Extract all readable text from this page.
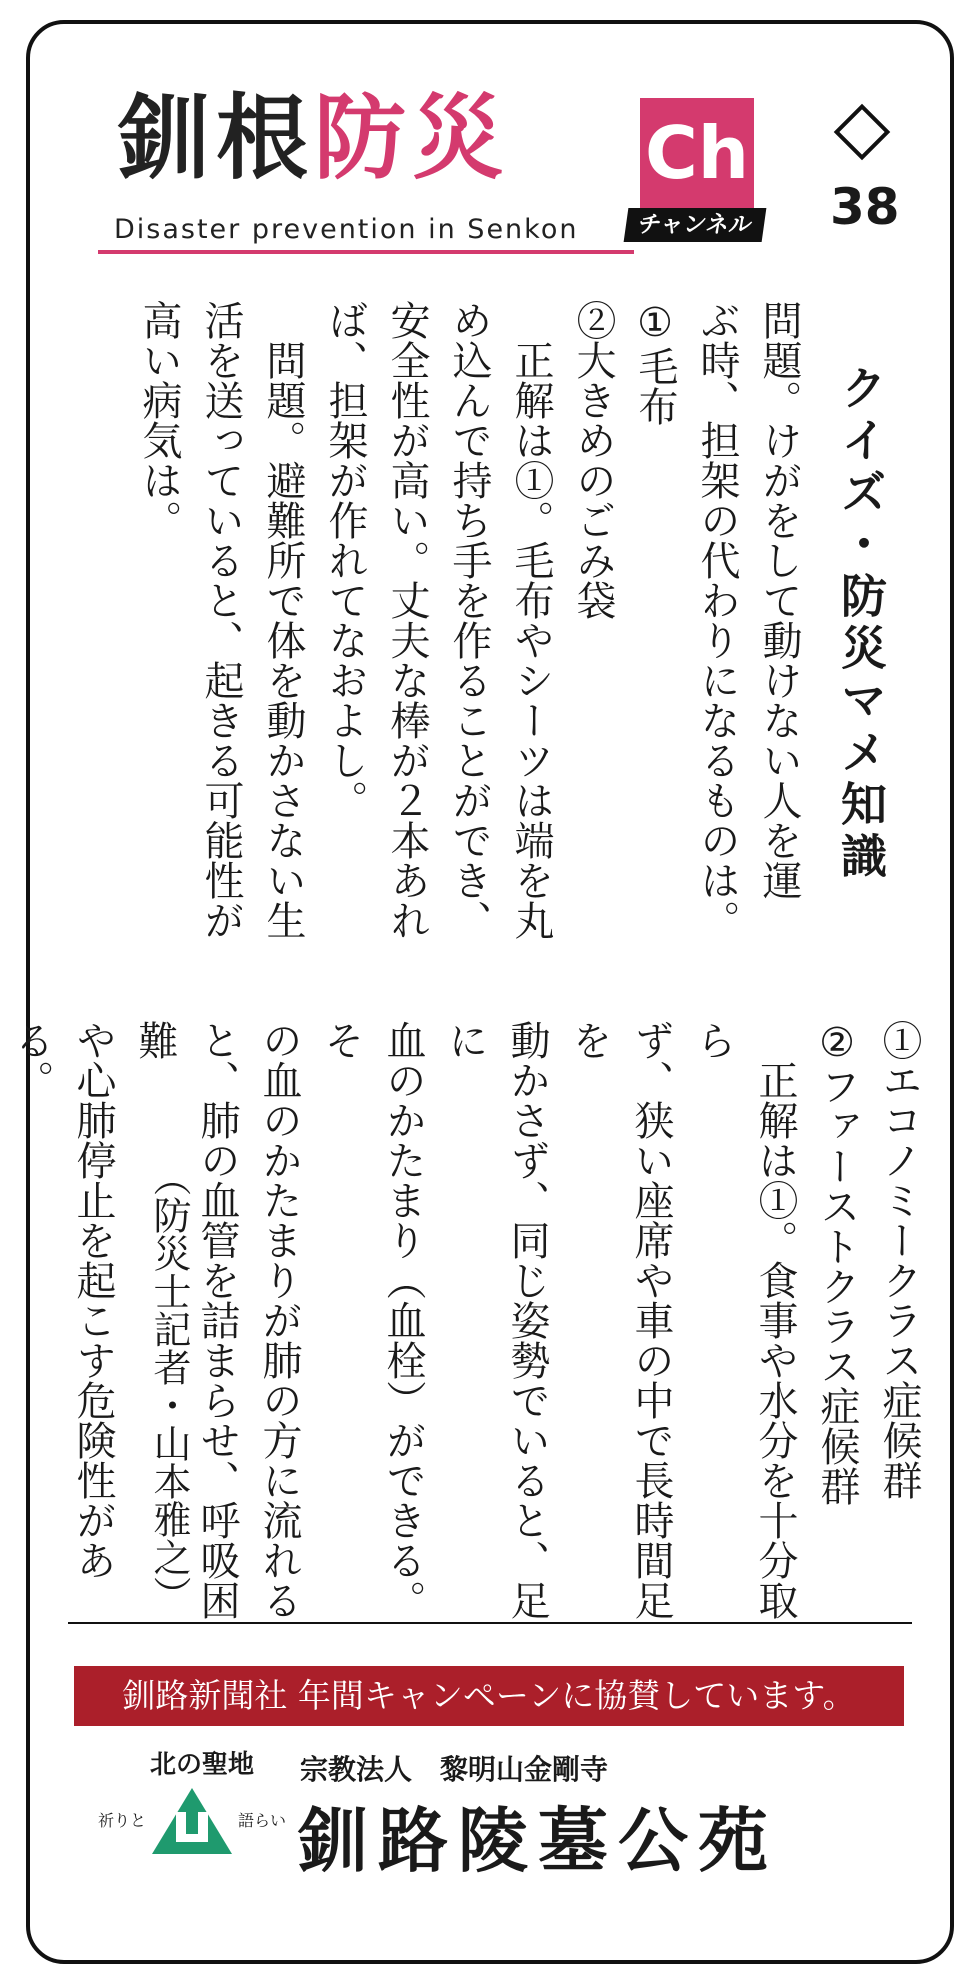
釧根防災 Ch
チャンネル
Disaster prevention in Senkon	38
クイズ・防災マメ知識

問題。けがをして動けない人を運
ぶ時、担架の代わりになるものは。
①毛布
②大きめのごみ袋
　正解は①。毛布やシーツは端を丸
め込んで持ち手を作ることができ、
安全性が高い。丈夫な棒が２本あれ
ば、担架が作れてなおよし。
　問題。避難所で体を動かさない生
活を送っていると、起きる可能性が
高い病気は。

①エコノミークラス症候群
②ファーストクラス症候群
　正解は①。食事や水分を十分取ら
ず、狭い座席や車の中で長時間足を
動かさず、同じ姿勢でいると、足に
血のかたまり（血栓）ができる。そ
の血のかたまりが肺の方に流れる
と、肺の血管を詰まらせ、呼吸困難
や心肺停止を起こす危険性がある。

（防災士記者・山本雅之）
釧路新聞社 年間キャンペーンに協賛しています。
北の聖地
祈りと	語らい
宗教法人　黎明山金剛寺
釧路陵墓公苑
